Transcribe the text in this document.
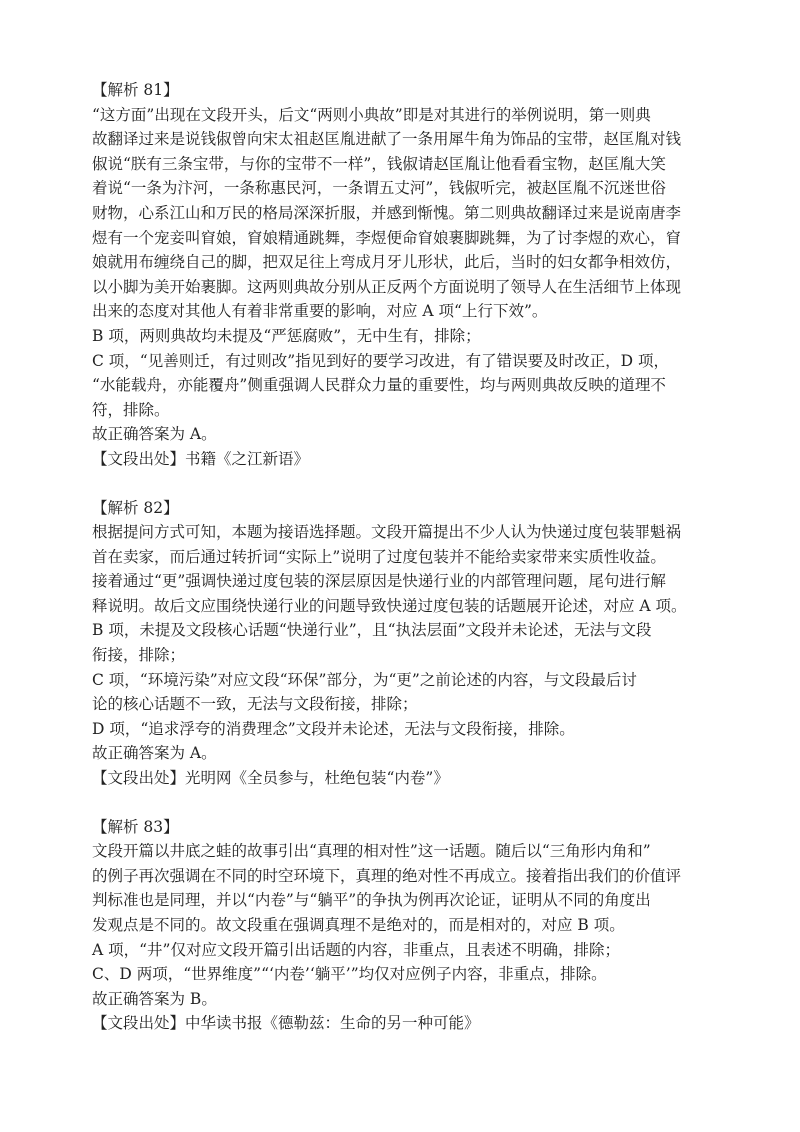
【解析 81】
“这方面”出现在文段开头，后文“两则小典故”即是对其进行的举例说明，第一则典
故翻译过来是说钱俶曾向宋太祖赵匡胤进献了一条用犀牛角为饰品的宝带，赵匡胤对钱
俶说“朕有三条宝带，与你的宝带不一样”，钱俶请赵匡胤让他看看宝物，赵匡胤大笑
着说“一条为汴河，一条称惠民河，一条谓五丈河”，钱俶听完，被赵匡胤不沉迷世俗
财物，心系江山和万民的格局深深折服，并感到惭愧。第二则典故翻译过来是说南唐李
煜有一个宠妾叫窅娘，窅娘精通跳舞，李煜便命窅娘裹脚跳舞，为了讨李煜的欢心，窅
娘就用布缠绕自己的脚，把双足往上弯成月牙儿形状，此后，当时的妇女都争相效仿，
以小脚为美开始裹脚。这两则典故分别从正反两个方面说明了领导人在生活细节上体现
出来的态度对其他人有着非常重要的影响，对应 A 项“上行下效”。
B 项，两则典故均未提及“严惩腐败”，无中生有，排除；
C 项，“见善则迁，有过则改”指见到好的要学习改进，有了错误要及时改正，D 项，
“水能载舟，亦能覆舟”侧重强调人民群众力量的重要性，均与两则典故反映的道理不
符，排除。
故正确答案为 A。
【文段出处】书籍《之江新语》
【解析 82】
根据提问方式可知，本题为接语选择题。文段开篇提出不少人认为快递过度包装罪魁祸
首在卖家，而后通过转折词“实际上”说明了过度包装并不能给卖家带来实质性收益。
接着通过“更”强调快递过度包装的深层原因是快递行业的内部管理问题，尾句进行解
释说明。故后文应围绕快递行业的问题导致快递过度包装的话题展开论述，对应 A 项。
B 项，未提及文段核心话题“快递行业”，且“执法层面”文段并未论述，无法与文段
衔接，排除；
C 项，“环境污染”对应文段“环保”部分，为“更”之前论述的内容，与文段最后讨
论的核心话题不一致，无法与文段衔接，排除；
D 项，“追求浮夸的消费理念”文段并未论述，无法与文段衔接，排除。
故正确答案为 A。
【文段出处】光明网《全员参与，杜绝包装“内卷”》
【解析 83】
文段开篇以井底之蛙的故事引出“真理的相对性”这一话题。随后以“三角形内角和”
的例子再次强调在不同的时空环境下，真理的绝对性不再成立。接着指出我们的价值评
判标准也是同理，并以“内卷”与“躺平”的争执为例再次论证，证明从不同的角度出
发观点是不同的。故文段重在强调真理不是绝对的，而是相对的，对应 B 项。
A 项，“井”仅对应文段开篇引出话题的内容，非重点，且表述不明确，排除；
C、D 两项，“世界维度”“‘内卷’‘躺平’”均仅对应例子内容，非重点，排除。
故正确答案为 B。
【文段出处】中华读书报《德勒兹：生命的另一种可能》
